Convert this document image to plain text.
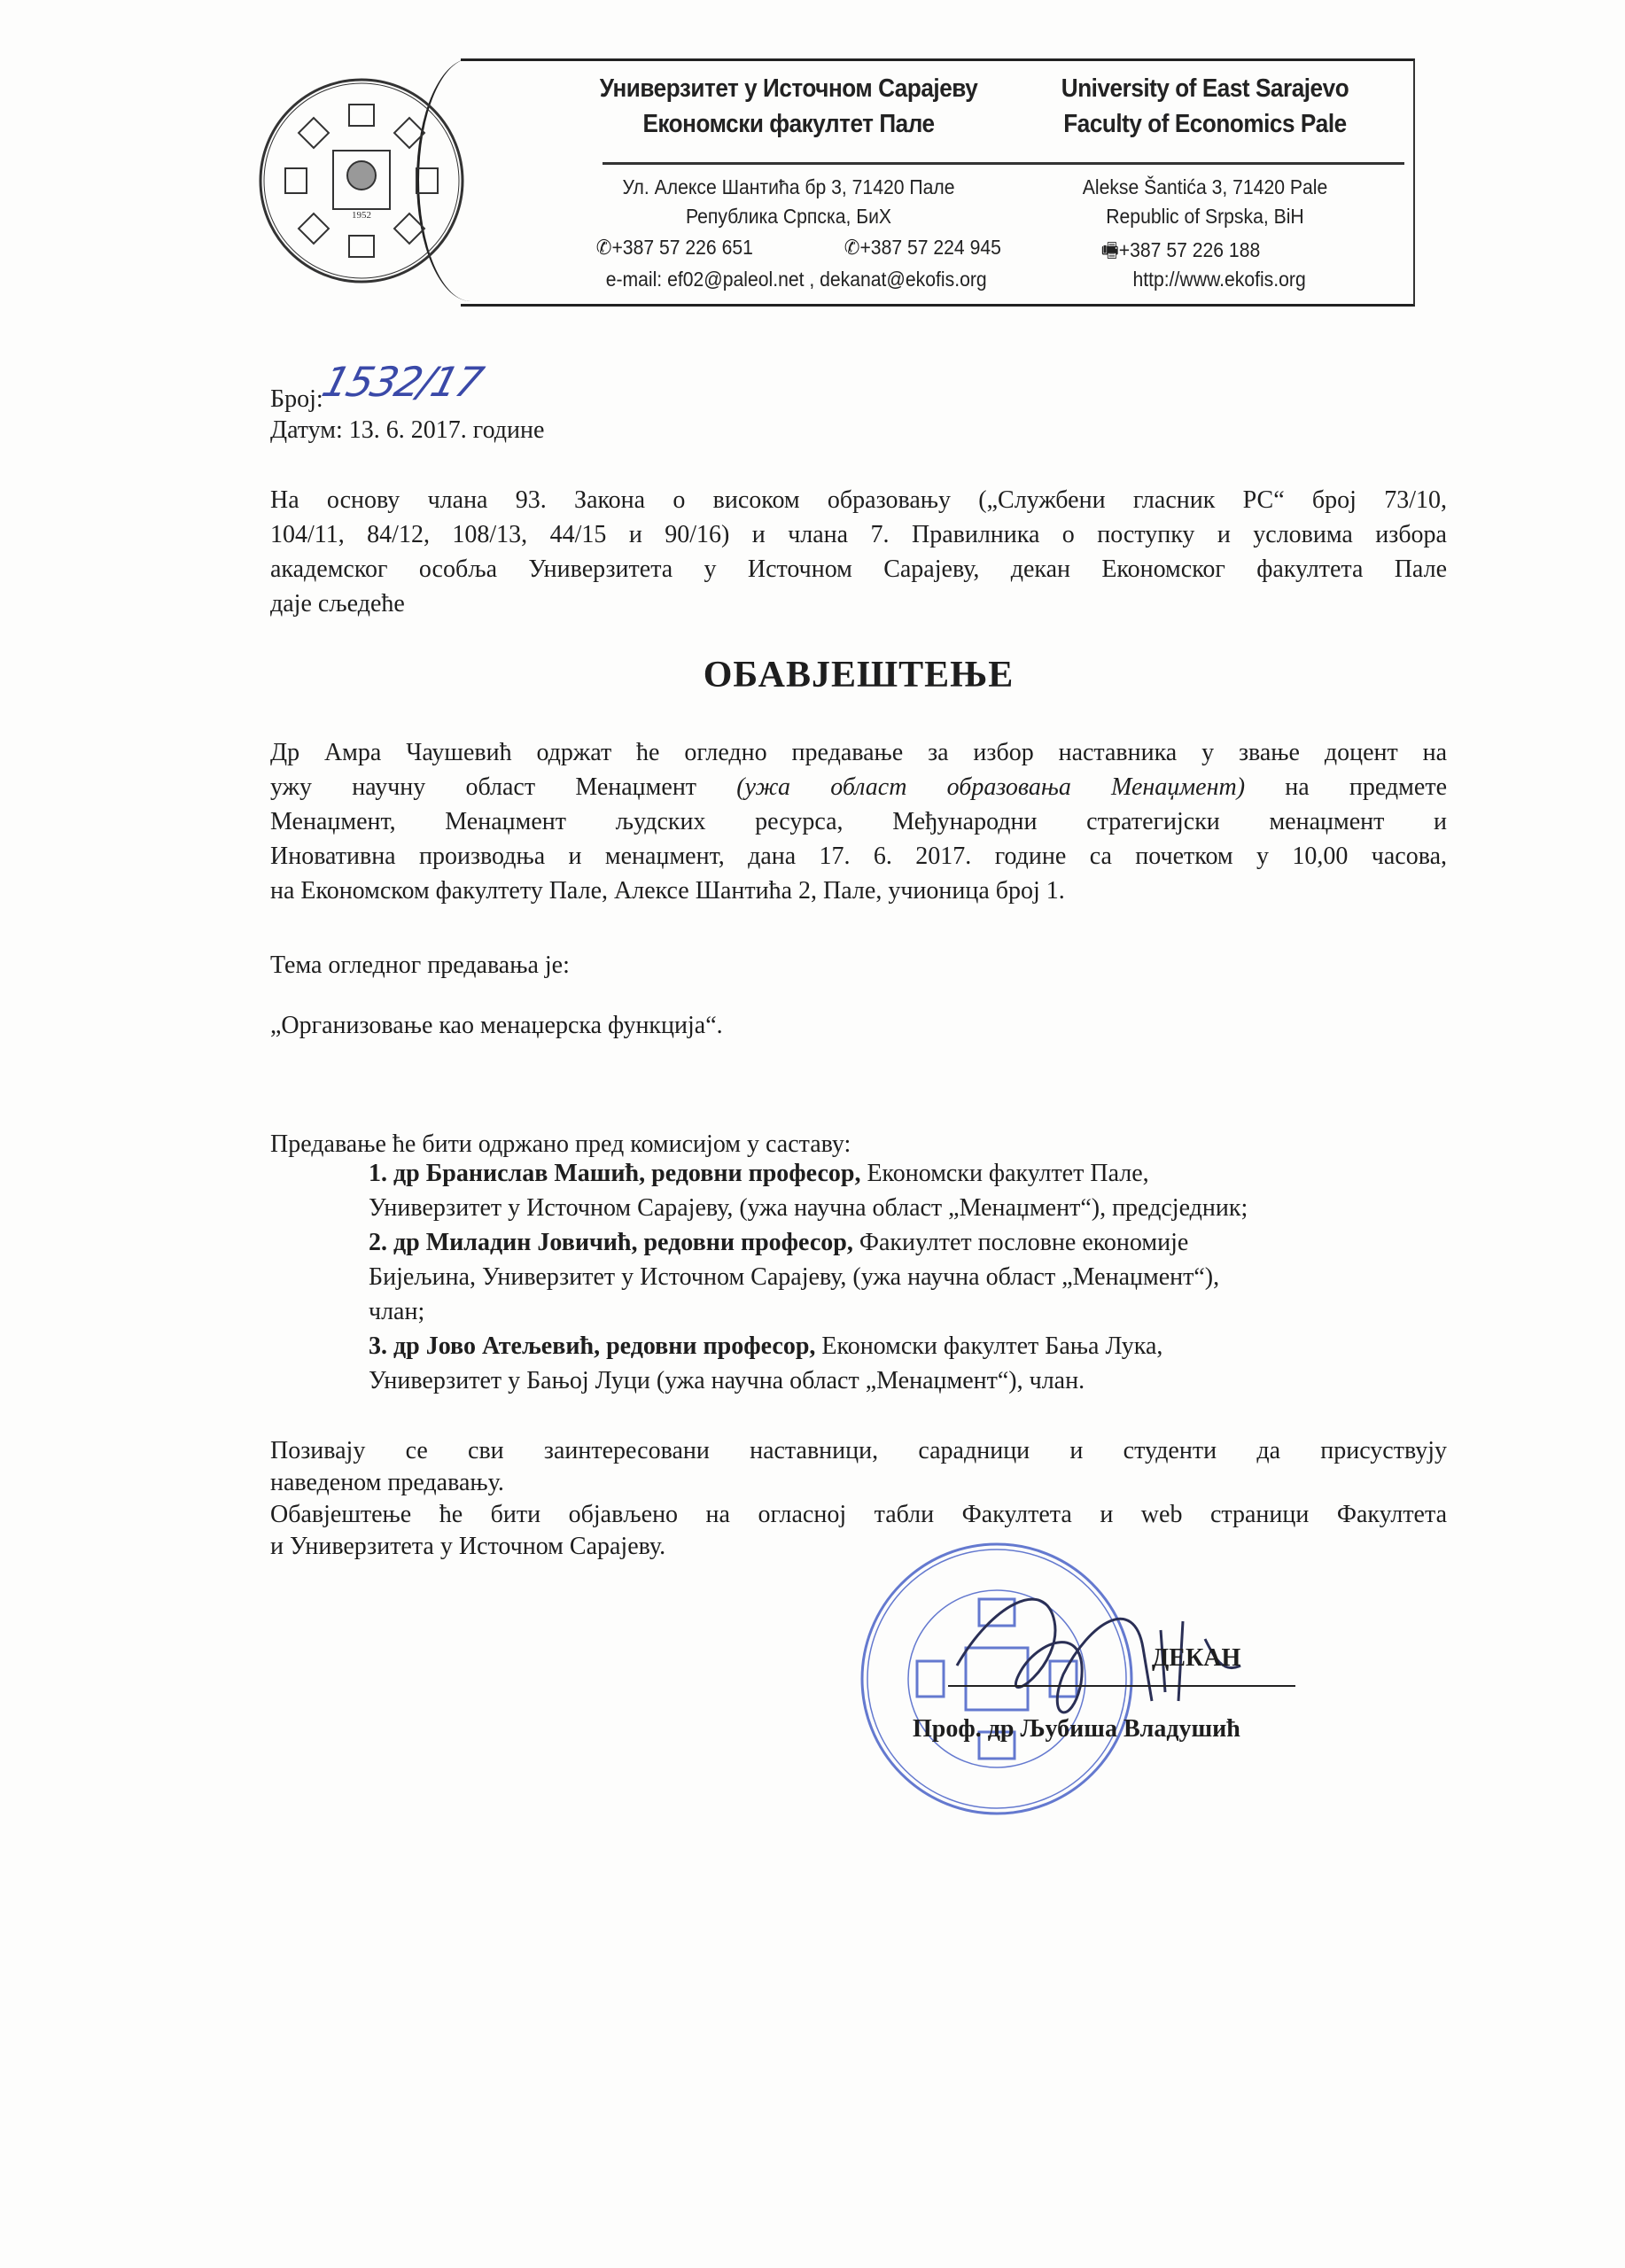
1952
Универзитет у Источном Сарајеву
Економски факултет Пале
University of East Sarajevo
Faculty of Economics Pale
Ул. Алексе Шантића бр 3, 71420 Пале
Република Српска, БиХ
Alekse Šantića 3, 71420 Pale
Republic of Srpska, BiH
✆+387 57 226 651	✆+387 57 224 945	🖷+387 57 226 188
e-mail: ef02@paleol.net , dekanat@ekofis.org	http://www.ekofis.org
Број:1532/17
Датум: 13. 6. 2017. године
На основу члана 93. Закона о високом образовању („Службени гласник РС“ број 73/10,
104/11, 84/12, 108/13, 44/15 и 90/16) и члана 7. Правилника о поступку и условима избора
академског особља Универзитета у Источном Сарајеву, декан Економског факултета Пале
даје сљедеће
ОБАВЈЕШТЕЊЕ
Др Амра Чаушевић одржат ће огледно предавање за избор наставника у звање доцент на
ужу научну област Менаџмент (ужа област образовања Менаџмент) на предмете
Менаџмент, Менаџмент људских ресурса, Међународни стратегијски менаџмент и
Иновативна производња и менаџмент, дана 17. 6. 2017. године са почетком у 10,00 часова,
на Економском факултету Пале, Алексе Шантића 2, Пале, учионица број 1.
Тема огледног предавања је:
„Организовање као менаџерска функција“.
Предавање ће бити одржано пред комисијом у саставу:
1. др Бранислав Машић, редовни професор, Економски факултет Пале,
Универзитет у Источном Сарајеву, (ужа научна област „Менаџмент“), предсједник;
2. др Миладин Јовичић, редовни професор, Факиултет пословне економије
Бијељина, Универзитет у Источном Сарајеву, (ужа научна област „Менаџмент“),
члан;
3. др Јово Атељевић, редовни професор, Економски факултет Бања Лука,
Универзитет у Бањој Луци (ужа научна област „Менаџмент“), члан.
Позивају се сви заинтересовани наставници, сарадници и студенти да присуствују
наведеном предавању.
Обавјештење ће бити објављено на огласној табли Факултета и web страници Факултета
и Универзитета у Источном Сарајеву.
ДЕКАН
Проф. др Љубиша Владушић
